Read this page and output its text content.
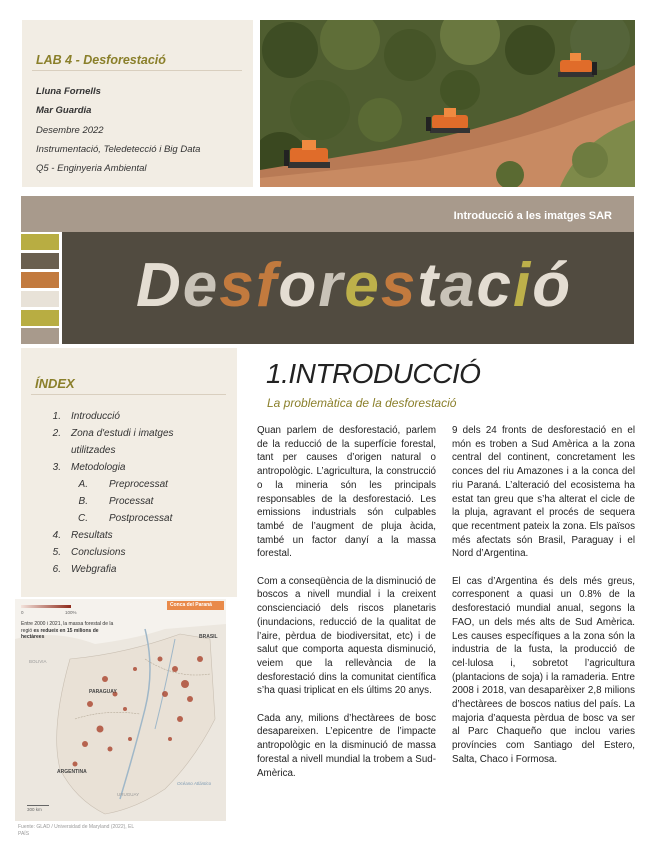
LAB 4 - Desforestació
Lluna Fornells
Mar Guardia
Desembre 2022
Instrumentació, Teledetecció i Big Data
Q5 - Enginyeria Ambiental
Introducció a les imatges SAR
Desforestació
ÍNDEX
1. Introducció
2. Zona d'estudi i imatges
utilitzades
3. Metodologia
A. Preprocessat
B. Processat
C. Postprocessat
4. Resultats
5. Conclusions
6. Webgrafia
0	100%
Conca del Paraná
Entre 2000 i 2021, la massa forestal de la regió es redueix en 15 milions de hectàrees
BOLIVIA
BRASIL
PARAGUAY
ARGENTINA
URUGUAY
Océano Atlántico
300 km
Fuente: GLAD / Universidad de Maryland (2022), EL PAÍS
1.INTRODUCCIÓ
La problemàtica de la desforestació

Quan parlem de desforestació, parlem de la reducció de la superfície forestal, tant per causes d’origen natural o antropològic. L’agricultura, la construcció o la mineria són les principals responsables de la desforestació. Les emissions industrials són culpables també de l’augment de pluja àcida, també un factor danyí a la massa forestal.

Com a conseqüència de la disminució de boscos a nivell mundial i la creixent conscienciació dels riscos planetaris (inundacions, reducció de la qualitat de l’aire, pèrdua de biodiversitat, etc) i de salut que comporta aquesta disminució, veiem que la rellevància de la desforestació dins la comunitat científica s’ha quasi triplicat en els últims 20 anys.

Cada any, milions d’hectàrees de bosc desapareixen. L’epicentre de l’impacte antropològic en la disminució de massa forestal a nivell mundial la trobem a Sud-Amèrica.

9 dels 24 fronts de desforestació en el món es troben a Sud Amèrica a la zona central del continent, concretament les conces del riu Amazones i a la conca del riu Paraná. L’alteració del ecosistema ha estat tan greu que s’ha alterat el cicle de la pluja, agravant el procés de sequera que recentment pateix la zona. Els països més afectats són Brasil, Paraguay i el Nord d’Argentina.

El cas d’Argentina és dels més greus, corresponent a quasi un 0.8% de la desforestació mundial anual, segons la FAO, un dels més alts de Sud Amèrica. Les causes específiques a la zona són la industria de la fusta, la producció de cel·lulosa i, sobretot l’agricultura (plantacions de soja) i la ramaderia. Entre 2008 i 2018, van desaparèixer 2,8 milions d’hectàrees de boscos natius del país. La majoria d’aquesta pèrdua de bosc va ser al Parc Chaqueño que inclou varies províncies com Santiago del Estero, Salta, Chaco i Formosa.
